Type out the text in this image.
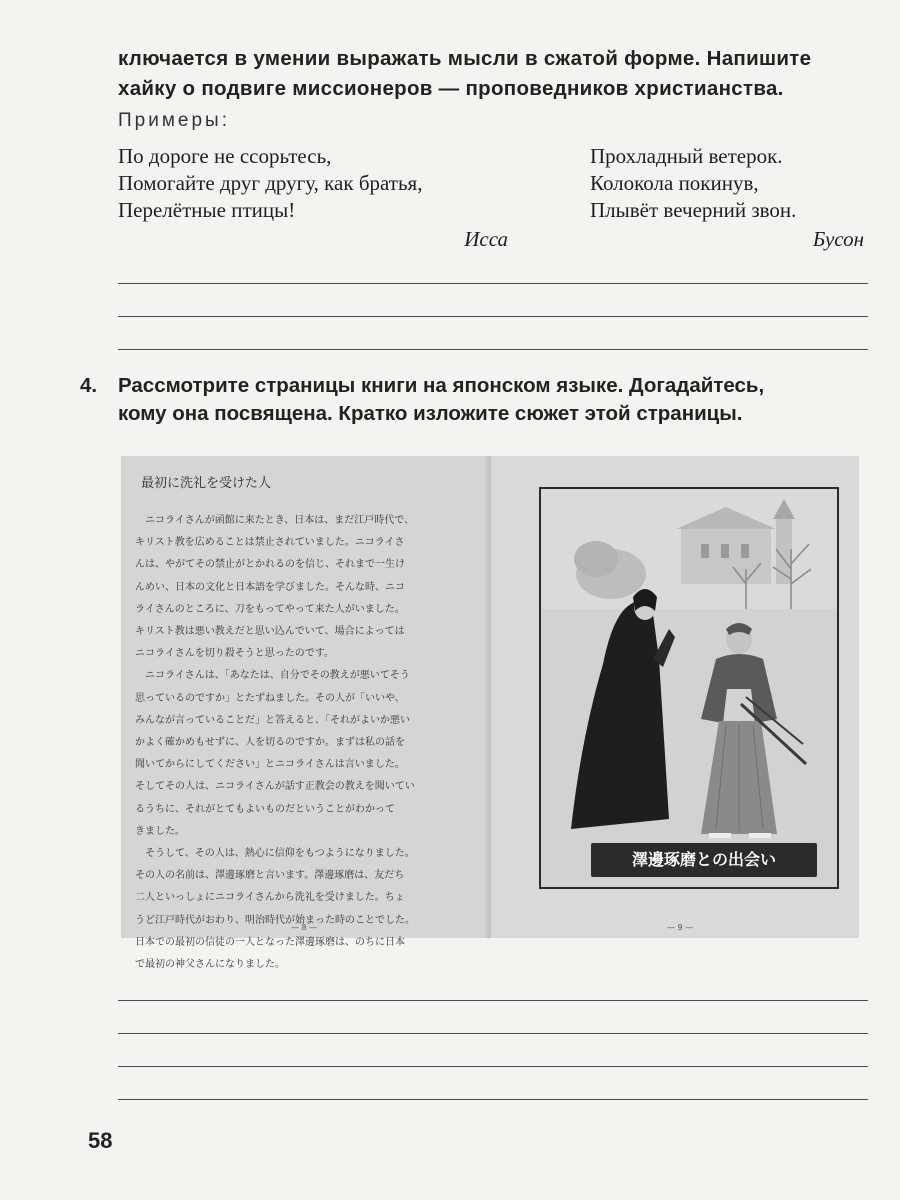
ключается в умении выражать мысли в сжатой форме. Напишите
хайку о подвиге миссионеров — проповедников христианства.
Примеры:
По дороге не ссорьтесь,
Помогайте друг другу, как братья,
Перелётные птицы!
Исса
Прохладный ветерок.
Колокола покинув,
Плывёт вечерний звон.
Бусон
4. Рассмотрите страницы книги на японском языке. Догадайтесь,
кому она посвящена. Кратко изложите сюжет этой страницы.
最初に洗礼を受けた人
　ニコライさんが函館に来たとき、日本は、まだ江戸時代で、
キリスト教を広めることは禁止されていました。ニコライさ
んは、やがてその禁止がとかれるのを信じ、それまで一生け
んめい、日本の文化と日本語を学びました。そんな時、ニコ
ライさんのところに、刀をもってやって来た人がいました。
キリスト教は悪い教えだと思い込んでいて、場合によっては
ニコライさんを切り殺そうと思ったのです。
　ニコライさんは、「あなたは、自分でその教えが悪いてそう
思っているのですか」とたずねました。その人が「いいや、
みんなが言っていることだ」と答えると、「それがよいか悪い
かよく確かめもせずに、人を切るのですか。まずは私の話を
聞いてからにしてください」とニコライさんは言いました。
そしてその人は、ニコライさんが話す正教会の教えを聞いてい
るうちに、それがとてもよいものだということがわかって
きました。
　そうして、その人は、熱心に信仰をもつようになりました。
その人の名前は、澤邊琢磨と言います。澤邊琢磨は、友だち
二人といっしょにニコライさんから洗礼を受けました。ちょ
うど江戸時代がおわり、明治時代が始まった時のことでした。
日本での最初の信徒の一人となった澤邊琢磨は、のちに日本
で最初の神父さんになりました。
— 8 —	— 9 —
澤邊琢磨との出会い
58
